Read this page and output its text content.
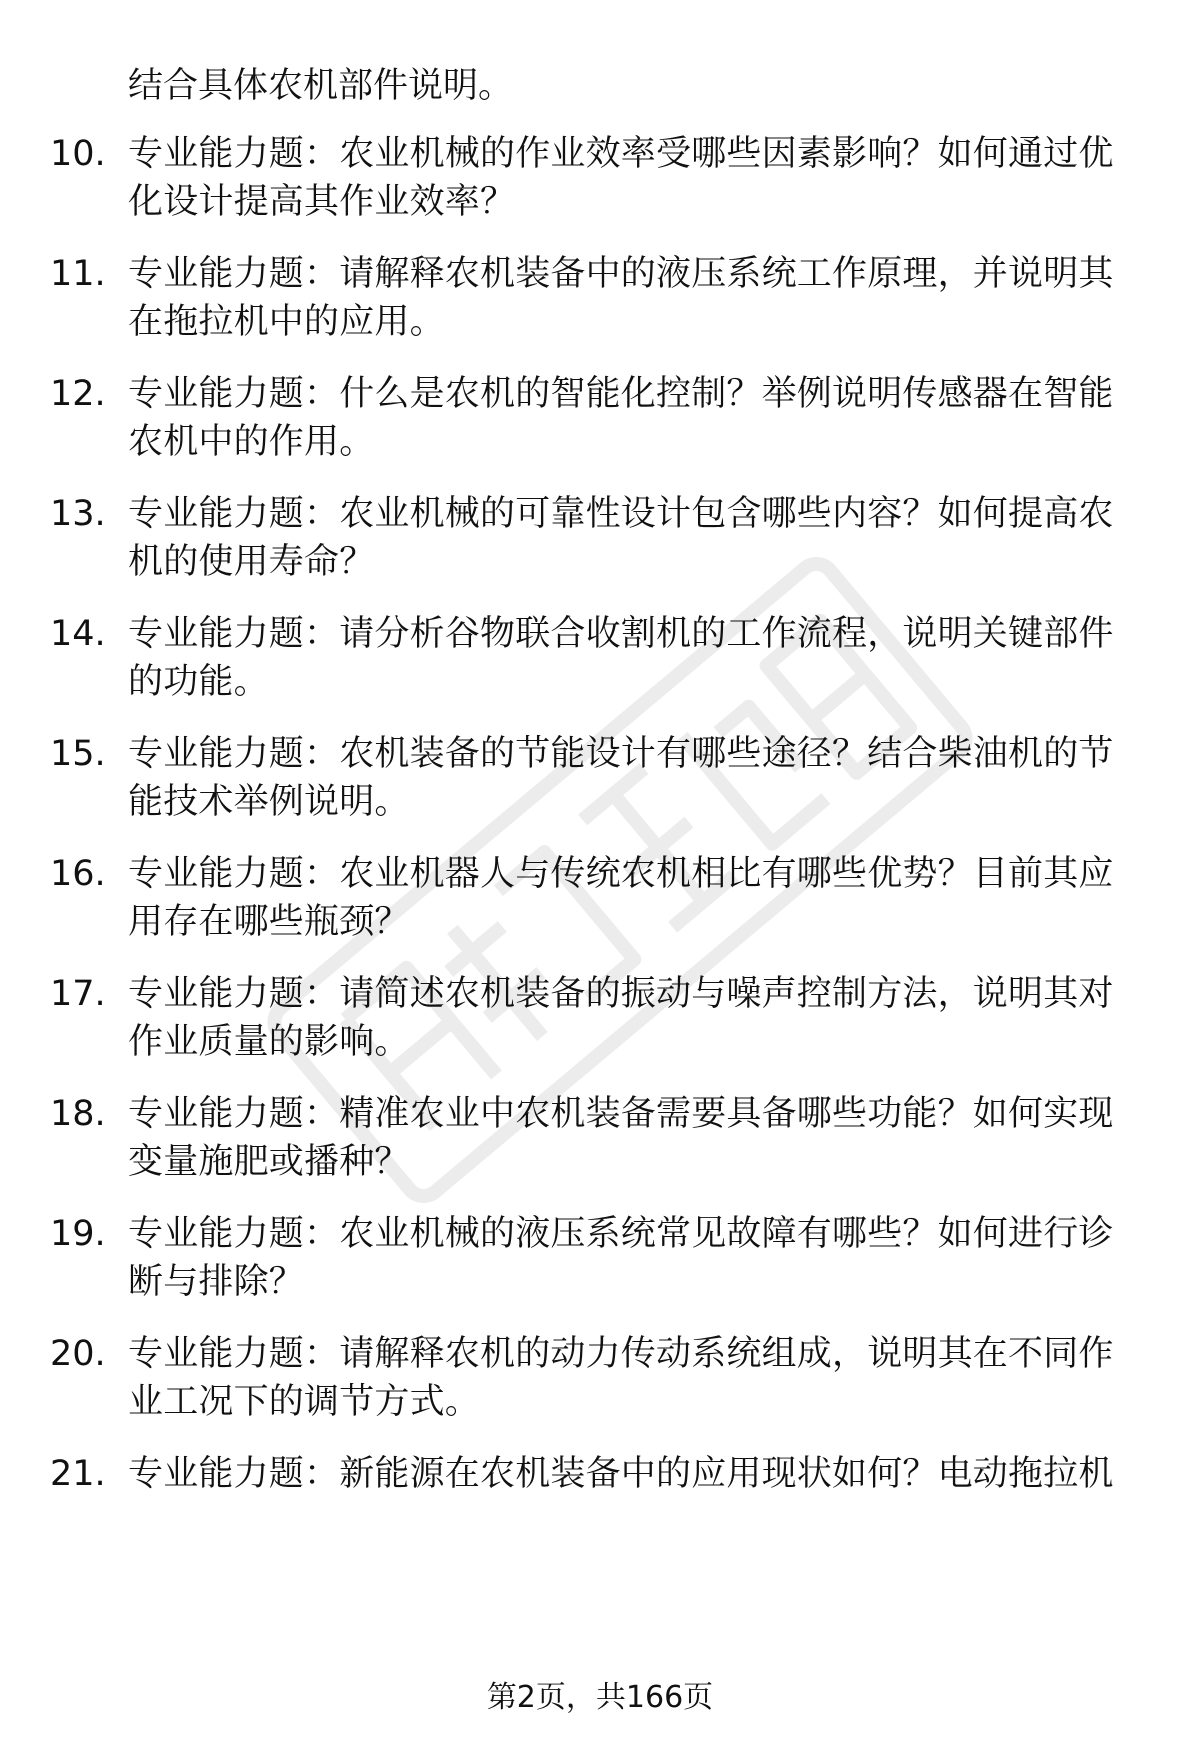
结合具体农机部件说明。
10. 专业能力题：农业机械的作业效率受哪些因素影响？如何通过优化设计提高其作业效率？
11. 专业能力题：请解释农机装备中的液压系统工作原理，并说明其在拖拉机中的应用。
12. 专业能力题：什么是农机的智能化控制？举例说明传感器在智能农机中的作用。
13. 专业能力题：农业机械的可靠性设计包含哪些内容？如何提高农机的使用寿命？
14. 专业能力题：请分析谷物联合收割机的工作流程，说明关键部件的功能。
15. 专业能力题：农机装备的节能设计有哪些途径？结合柴油机的节能技术举例说明。
16. 专业能力题：农业机器人与传统农机相比有哪些优势？目前其应用存在哪些瓶颈？
17. 专业能力题：请简述农机装备的振动与噪声控制方法，说明其对作业质量的影响。
18. 专业能力题：精准农业中农机装备需要具备哪些功能？如何实现变量施肥或播种？
19. 专业能力题：农业机械的液压系统常见故障有哪些？如何进行诊断与排除？
20. 专业能力题：请解释农机的动力传动系统组成，说明其在不同作业工况下的调节方式。
21. 专业能力题：新能源在农机装备中的应用现状如何？电动拖拉机
第2页，共166页
